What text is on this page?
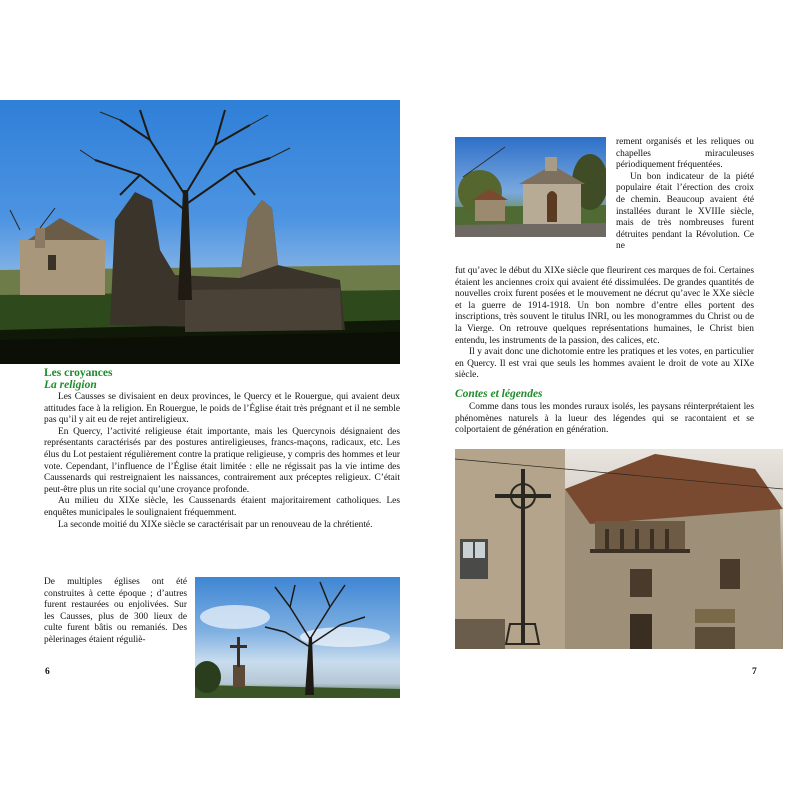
Les croyances
La religion

Les Causses se divisaient en deux provinces, le Quercy et le Rouergue, qui avaient deux attitudes face à la religion. En Rouergue, le poids de l’Église était très prégnant et il ne semble pas qu’il y ait eu de rejet antireligieux.

En Quercy, l’activité religieuse était importante, mais les Quercynois désignaient des représentants caractérisés par des postures antireligieuses, francs-maçons, radicaux, etc. Les élus du Lot pestaient régulièrement contre la pratique religieuse, y compris des hommes et leur vote. Cependant, l’influence de l’Église était limitée : elle ne régissait pas la vie intime des Caussenards qui restreignaient les naissances, contrairement aux préceptes religieux. C’était peut-être plus un rite social qu’une croyance profonde.

Au milieu du XIXe siècle, les Caussenards étaient majoritairement catholiques. Les enquêtes municipales le soulignaient fréquemment.

La seconde moitié du XIXe siècle se caractérisait par un renouveau de la chrétienté.

De multiples églises ont été construites à cette époque ; d’autres furent restaurées ou enjolivées. Sur les Causses, plus de 300 lieux de culte furent bâtis ou remaniés. Des pèlerinages étaient réguliè-

6

rement organisés et les reliques ou chapelles miraculeuses périodiquement fréquentées.

Un bon indicateur de la piété populaire était l’érection des croix de chemin. Beaucoup avaient été installées durant le XVIIIe siècle, mais de très nombreuses furent détruites pendant la Révolution. Ce ne

fut qu’avec le début du XIXe siècle que fleurirent ces marques de foi. Certaines étaient les anciennes croix qui avaient été dissimulées. De grandes quantités de nouvelles croix furent posées et le mouvement ne décrut qu’avec le XXe siècle et la guerre de 1914-1918. Un bon nombre d’entre elles portent des inscriptions, très souvent le titulus INRI, ou les monogrammes du Christ ou de la Vierge. On retrouve quelques représentations humaines, le Christ bien entendu, les instruments de la passion, des calices, etc.

Il y avait donc une dichotomie entre les pratiques et les votes, en particulier en Quercy. Il est vrai que seuls les hommes avaient le droit de vote au XIXe siècle.

Contes et légendes

Comme dans tous les mondes ruraux isolés, les paysans réinterprétaient les phénomènes naturels à la lueur des légendes qui se racontaient et se colportaient de génération en génération.

7
